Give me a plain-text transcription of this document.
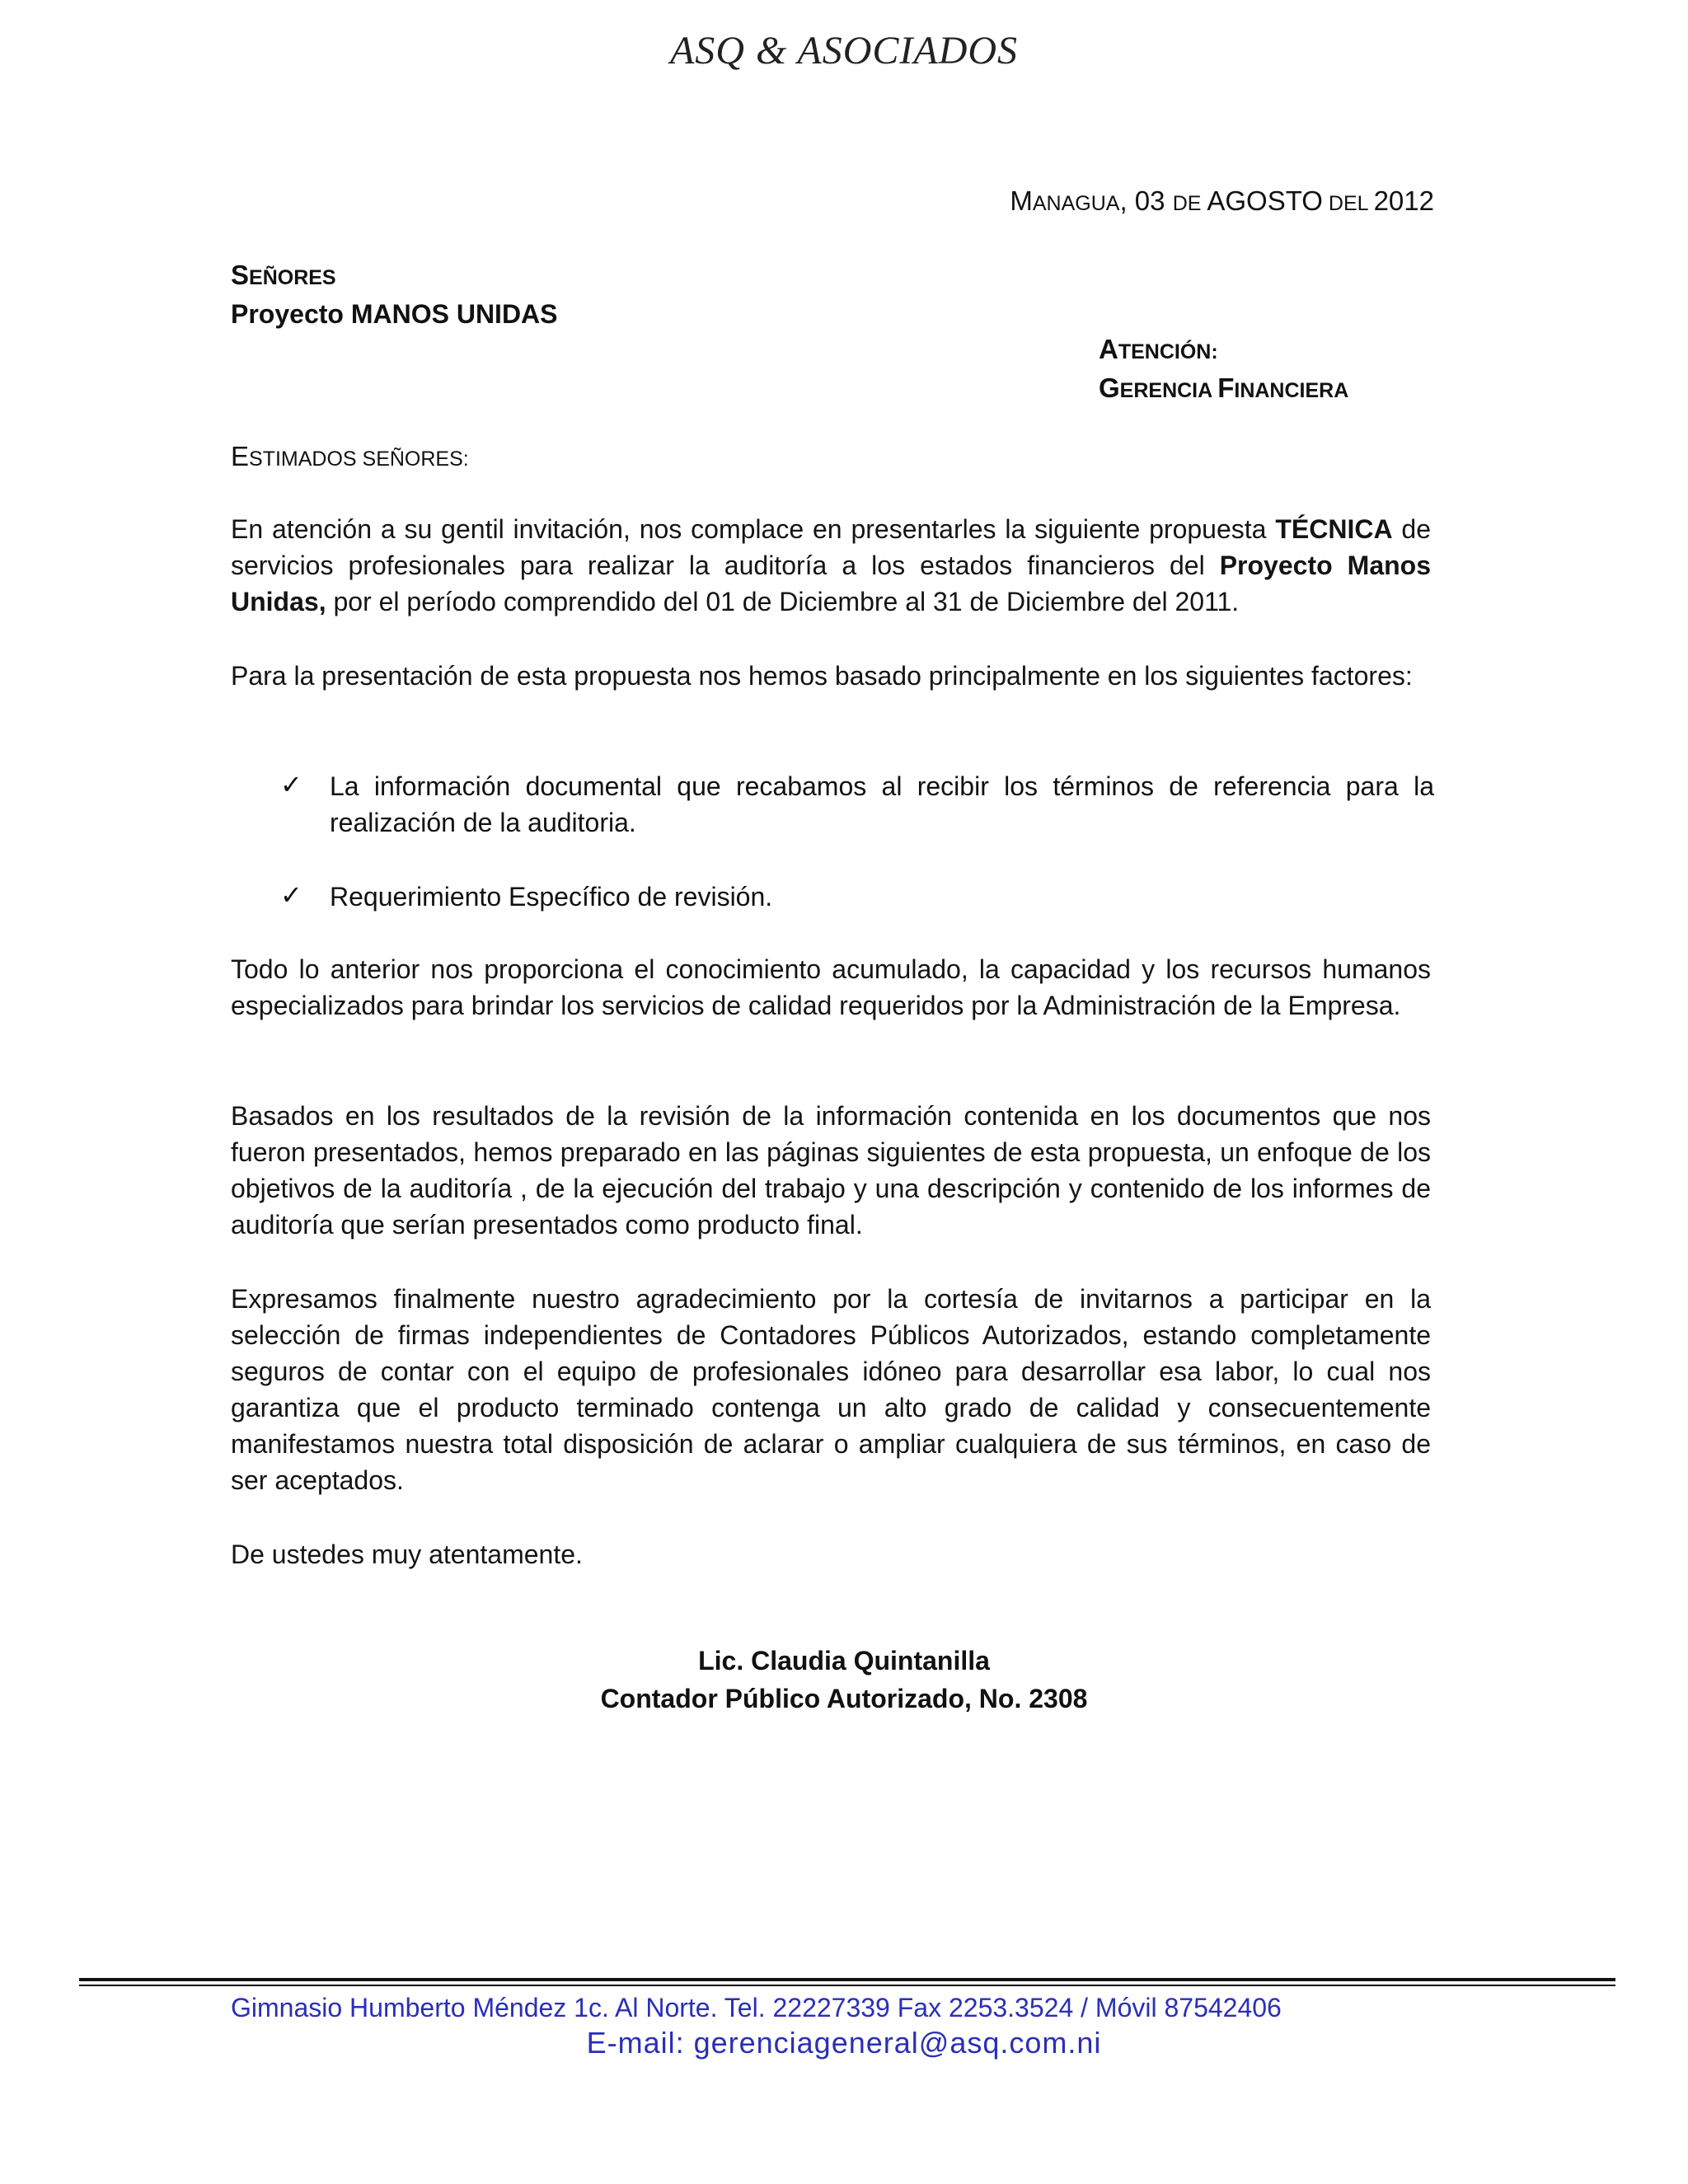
ASQ & ASOCIADOS
MANAGUA, 03 DE AGOSTO DEL 2012
SEÑORES
Proyecto MANOS UNIDAS
ATENCIÓN:
GERENCIA FINANCIERA
ESTIMADOS SEÑORES:

En atención a su gentil invitación, nos complace en presentarles la siguiente propuesta TÉCNICA de servicios profesionales para realizar la auditoría a los estados financieros del Proyecto Manos Unidas, por el período comprendido del 01 de Diciembre al 31 de Diciembre del 2011.

Para la presentación de esta propuesta nos hemos basado principalmente en los siguientes factores:

✓	La información documental que recabamos al recibir los términos de referencia para la realización de la auditoria.
✓	Requerimiento Específico de revisión.

Todo lo anterior nos proporciona el conocimiento acumulado, la capacidad y los recursos humanos especializados para brindar los servicios de calidad requeridos por la Administración de la Empresa.

Basados en los resultados de la revisión de la información contenida en los documentos que nos fueron presentados, hemos preparado en las páginas siguientes de esta propuesta, un enfoque de los objetivos de la auditoría , de la ejecución del trabajo y una descripción y contenido de los informes de auditoría que serían presentados como producto final.

Expresamos finalmente nuestro agradecimiento por la cortesía de invitarnos a participar en la selección de firmas independientes de Contadores Públicos Autorizados, estando completamente seguros de contar con el equipo de profesionales idóneo para desarrollar esa labor, lo cual nos garantiza que el producto terminado contenga un alto grado de calidad y consecuentemente manifestamos nuestra total disposición de aclarar o ampliar cualquiera de sus términos, en caso de ser aceptados.

De ustedes muy atentamente.

Lic. Claudia Quintanilla
Contador Público Autorizado, No. 2308
Gimnasio Humberto Méndez 1c. Al Norte. Tel. 22227339 Fax 2253.3524 / Móvil 87542406
E-mail: gerenciageneral@asq.com.ni
